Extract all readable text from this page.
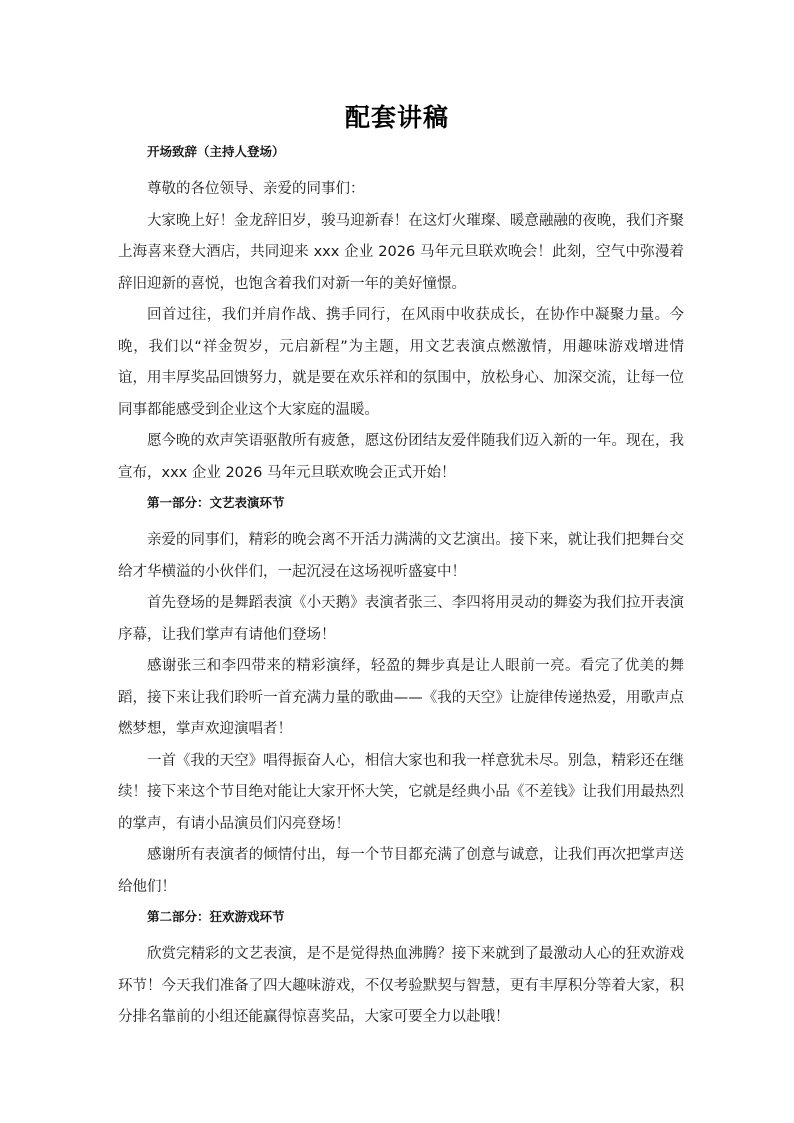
配套讲稿
开场致辞（主持人登场）

尊敬的各位领导、亲爱的同事们：

大家晚上好！金龙辞旧岁，骏马迎新春！在这灯火璀璨、暖意融融的夜晚，我们齐聚上海喜来登大酒店，共同迎来 xxx 企业 2026 马年元旦联欢晚会！此刻，空气中弥漫着辞旧迎新的喜悦，也饱含着我们对新一年的美好憧憬。

回首过往，我们并肩作战、携手同行，在风雨中收获成长，在协作中凝聚力量。今晚，我们以“祥金贺岁，元启新程”为主题，用文艺表演点燃激情，用趣味游戏增进情谊，用丰厚奖品回馈努力，就是要在欢乐祥和的氛围中，放松身心、加深交流，让每一位同事都能感受到企业这个大家庭的温暖。

愿今晚的欢声笑语驱散所有疲惫，愿这份团结友爱伴随我们迈入新的一年。现在，我宣布，xxx 企业 2026 马年元旦联欢晚会正式开始！

第一部分：文艺表演环节

亲爱的同事们，精彩的晚会离不开活力满满的文艺演出。接下来，就让我们把舞台交给才华横溢的小伙伴们，一起沉浸在这场视听盛宴中！

首先登场的是舞蹈表演《小天鹅》表演者张三、李四将用灵动的舞姿为我们拉开表演序幕，让我们掌声有请他们登场！

感谢张三和李四带来的精彩演绎，轻盈的舞步真是让人眼前一亮。看完了优美的舞蹈，接下来让我们聆听一首充满力量的歌曲——《我的天空》让旋律传递热爱，用歌声点燃梦想，掌声欢迎演唱者！

一首《我的天空》唱得振奋人心，相信大家也和我一样意犹未尽。别急，精彩还在继续！接下来这个节目绝对能让大家开怀大笑，它就是经典小品《不差钱》让我们用最热烈的掌声，有请小品演员们闪亮登场！

感谢所有表演者的倾情付出，每一个节目都充满了创意与诚意，让我们再次把掌声送给他们！

第二部分：狂欢游戏环节

欣赏完精彩的文艺表演，是不是觉得热血沸腾？接下来就到了最激动人心的狂欢游戏环节！今天我们准备了四大趣味游戏，不仅考验默契与智慧，更有丰厚积分等着大家，积分排名靠前的小组还能赢得惊喜奖品，大家可要全力以赴哦！
